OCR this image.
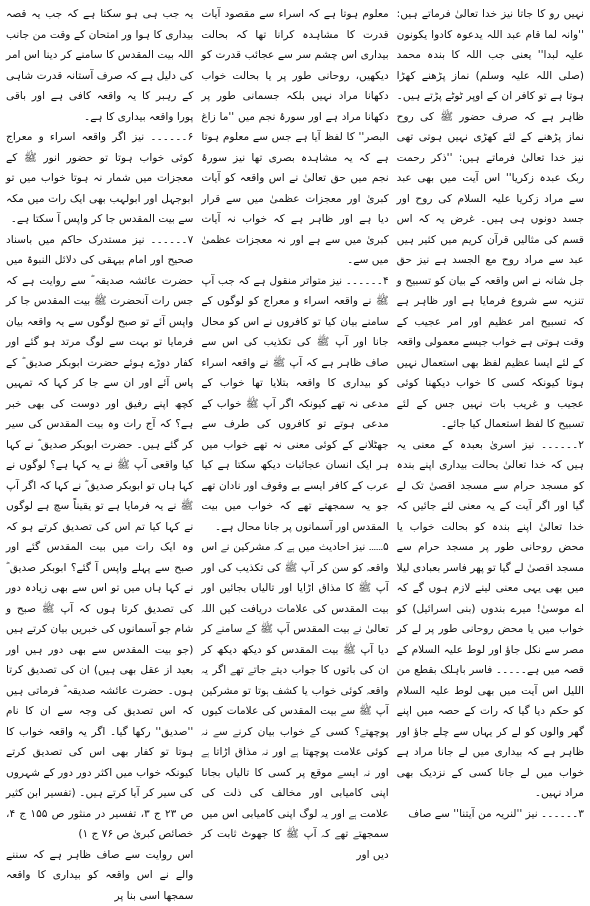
نہیں رو کا جاتا نیز خدا تعالیٰ فرماتے ہیں: ''وانہ لما قام عبد اللہ یدعوہ کادوا یکونون علیہ لبدا'' یعنی جب اللہ کا بندہ محمد (صلی اللہ علیہ وسلم) نماز پڑھنے کھڑا ہوتا ہے تو کافر ان کے اوپر ٹوٹے پڑتے ہیں۔ ظاہر ہے کہ صرف حضور ﷺ کی روح نماز پڑھنے کے لئے کھڑی نہیں ہوتی تھی نیز خدا تعالیٰ فرماتے ہیں: ''ذکر رحمت ربک عبدہ زکریا'' اس آیت میں بھی عبد سے مراد زکریا علیہ السلام کی روح اور جسد دونوں ہی ہیں۔ غرض یہ کہ اس قسم کی مثالیں قرآن کریم میں کثیر ہیں عبد سے مراد روح مع الجسد ہے نیز حق جل شانہ نے اس واقعہ کے بیان کو تسبیح و تنزیہ سے شروع فرمایا ہے اور ظاہر ہے کہ تسبیح امر عظیم اور امر عجیب کے وقت ہوتی ہے خواب جیسے معمولی واقعہ کے لئے ایسا عظیم لفظ بھی استعمال نہیں ہوتا کیونکہ کسی کا خواب دیکھنا کوئی عجیب و غریب بات نہیں جس کے لئے تسبیح کا لفظ استعمال کیا جائے۔

۲۔۔۔۔۔۔ نیز اسریٰ بعبدہ کے معنی یہ ہیں کہ خدا تعالیٰ بحالت بیداری اپنے بندہ کو مسجد حرام سے مسجد اقصیٰ تک لے گیا اور اگر آیت کے یہ معنی لئے جائیں کہ خدا تعالیٰ اپنے بندہ کو بحالت خواب یا محض روحانی طور پر مسجد حرام سے مسجد اقصیٰ لے گیا تو پھر فاسر بعبادی لیلا میں بھی یہی معنی لینے لازم ہوں گے کہ اے موسیٰ! میرے بندوں (بنی اسرائیل) کو خواب میں یا محض روحانی طور پر لے کر مصر سے نکل جاؤ اور لوط علیہ السلام کے قصہ میں ہے۔۔۔۔۔ فاسر باہلک بقطع من اللیل اس آیت میں بھی لوط علیہ السلام کو حکم دیا گیا کہ رات کے حصہ میں اپنے گھر والوں کو لے کر یہاں سے چلے جاؤ اور ظاہر ہے کہ بیداری میں لے جانا مراد ہے خواب میں لے جانا کسی کے نزدیک بھی مراد نہیں۔

۳۔۔۔۔۔۔ نیز ''لنریہ من آیتنا'' سے صاف

معلوم ہوتا ہے کہ اسراء سے مقصود آیات قدرت کا مشاہدہ کرانا تھا کہ بحالت بیداری اس چشم سر سے عجائب قدرت کو دیکھیں، روحانی طور پر یا بحالت خواب دکھانا مراد نہیں بلکہ جسمانی طور پر دکھانا مراد ہے اور سورۂ نجم میں ''ما زاغ البصر'' کا لفظ آیا ہے جس سے معلوم ہوتا ہے کہ یہ مشاہدہ بصری تھا نیز سورۂ نجم میں حق تعالیٰ نے اس واقعہ کو آیات کبریٰ اور معجزات عظمیٰ میں سے قرار دیا ہے اور ظاہر ہے کہ خواب نہ آیات کبریٰ میں سے ہے اور نہ معجزات عظمیٰ میں سے۔

۴۔۔۔۔۔۔ نیز متواتر منقول ہے کہ جب آپ ﷺ نے واقعہ اسراء و معراج کو لوگوں کے سامنے بیان کیا تو کافروں نے اس کو محال جانا اور آپ ﷺ کی تکذیب کی اس سے صاف ظاہر ہے کہ آپ ﷺ نے واقعہ اسراء کو بیداری کا واقعہ بتلایا تھا خواب کے مدعی نہ تھے کیونکہ اگر آپ ﷺ خواب کے مدعی ہوتے تو کافروں کی طرف سے جھٹلانے کے کوئی معنی نہ تھے خواب میں ہر ایک انسان عجائبات دیکھ سکتا ہے کیا عرب کے کافر ایسے بے وقوف اور نادان تھے جو یہ سمجھتے تھے کہ خواب میں بیت المقدس اور آسمانوں پر جانا محال ہے۔

۵۔۔۔۔۔۔ نیز احادیث میں ہے کہ مشرکین نے اس واقعہ کو سن کر آپ ﷺ کی تکذیب کی اور آپ ﷺ کا مذاق اڑایا اور تالیاں بجائیں اور بیت المقدس کی علامات دریافت کیں اللہ تعالیٰ نے بیت المقدس آپ ﷺ کے سامنے کر دیا آپ ﷺ بیت المقدس کو دیکھ دیکھ کر ان کی باتوں کا جواب دیتے جاتے تھے اگر یہ واقعہ کوئی خواب یا کشف ہوتا تو مشرکین آپ ﷺ سے بیت المقدس کی علامات کیوں پوچھتے؟ کسی کے خواب بیان کرنے سے نہ کوئی علامت پوچھتا ہے اور نہ مذاق اڑاتا ہے اور نہ ایسے موقع پر کسی کا تالیاں بجانا اپنی کامیابی اور مخالف کی ذلت کی علامت ہے اور یہ لوگ اپنی کامیابی اس میں سمجھتے تھے کہ آپ ﷺ کا جھوٹ ثابت کر دیں اور

یہ جب ہی ہو سکتا ہے کہ جب یہ قصہ بیداری کا ہوا ور امتحان کے وقت من جانب اللہ بیت المقدس کا سامنے کر دینا اس امر کی دلیل ہے کہ صرف آستانہ قدرت شاہی کے رہبر کا یہ واقعہ کافی ہے اور باقی پورا واقعہ بیداری کا ہے۔

۶۔۔۔۔۔۔ نیز اگر واقعہ اسراء و معراج کوئی خواب ہوتا تو حضور انور ﷺ کے معجزات میں شمار نہ ہوتا خواب میں تو ابوجہل اور ابولہب بھی ایک رات میں مکہ سے بیت المقدس جا کر واپس آ سکتا ہے۔

۷۔۔۔۔۔۔ نیز مستدرک حاکم میں باسناد صحیح اور امام بیہقی کی دلائل النبوۃ میں حضرت عائشہ صدیقہ ؓ سے روایت ہے کہ جس رات آنحضرت ﷺ بیت المقدس جا کر واپس آئے تو صبح لوگوں سے یہ واقعہ بیان فرمایا تو بہت سے لوگ مرتد ہو گئے اور کفار دوڑے ہوئے حضرت ابوبکر صدیق ؓ کے پاس آئے اور ان سے جا کر کہا کہ تمہیں کچھ اپنے رفیق اور دوست کی بھی خبر ہے؟ کہ آج رات وہ بیت المقدس کی سیر کر گئے ہیں۔ حضرت ابوبکر صدیق ؓ نے کہا کیا واقعی آپ ﷺ نے یہ کہا ہے؟ لوگوں نے کہا ہاں تو ابوبکر صدیق ؓ نے کہا کہ اگر آپ ﷺ نے یہ فرمایا ہے تو یقیناً سچ ہے لوگوں نے کہا کیا تم اس کی تصدیق کرتے ہو کہ وہ ایک رات میں بیت المقدس گئے اور صبح سے پہلے واپس آ گئے؟ ابوبکر صدیق ؓ نے کہا ہاں میں تو اس سے بھی زیادہ دور کی تصدیق کرتا ہوں کہ آپ ﷺ صبح و شام جو آسمانوں کی خبریں بیان کرتے ہیں (جو بیت المقدس سے بھی دور ہیں اور بعید از عقل بھی ہیں) ان کی تصدیق کرتا ہوں۔ حضرت عائشہ صدیقہ ؓ فرماتی ہیں کہ اس تصدیق کی وجہ سے ان کا نام ''صدیق'' رکھا گیا۔ اگر یہ واقعہ خواب کا ہوتا تو کفار بھی اس کی تصدیق کرتے کیونکہ خواب میں اکثر دور دور کے شہروں کی سیر کر آیا کرتے ہیں۔ (تفسیر ابن کثیر ص ۲۳ ج ۳، تفسیر در منثور ص ۱۵۵ ج ۴، خصائص کبریٰ ص ۷۶ ج ۱)

اس روایت سے صاف ظاہر ہے کہ سننے والے نے اس واقعہ کو بیداری کا واقعہ سمجھا اسی بنا پر
